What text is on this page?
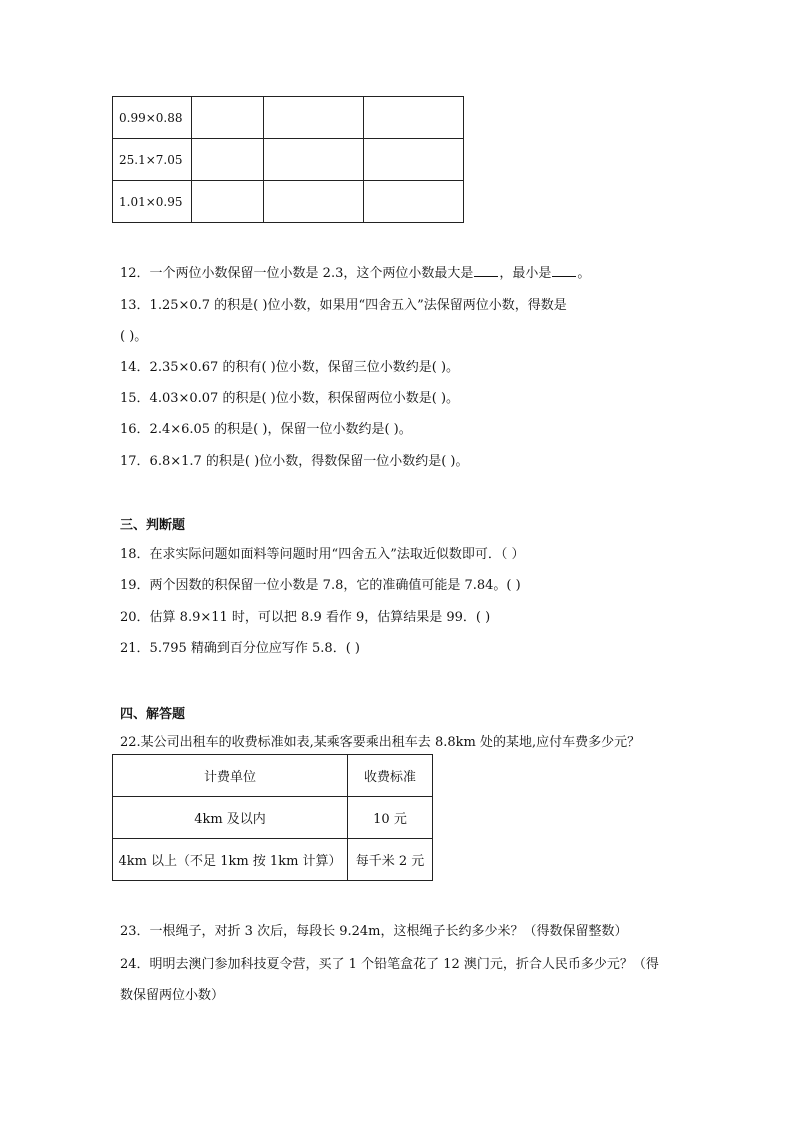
0.99×0.88			
25.1×7.05			
1.01×0.95			
12．一个两位小数保留一位小数是 2.3，这个两位小数最大是 ，最小是 。
13．1.25×0.7 的积是( )位小数，如果用“四舍五入”法保留两位小数，得数是
( )。
14．2.35×0.67 的积有( )位小数，保留三位小数约是( )。
15．4.03×0.07 的积是( )位小数，积保留两位小数是( )。
16．2.4×6.05 的积是( )，保留一位小数约是( )。
17．6.8×1.7 的积是( )位小数，得数保留一位小数约是( )。
三、判断题
18．在求实际问题如面料等问题时用“四舍五入”法取近似数即可．（ ）
19．两个因数的积保留一位小数是 7.8，它的准确值可能是 7.84。( )
20．估算 8.9×11 时，可以把 8.9 看作 9，估算结果是 99．( )
21．5.795 精确到百分位应写作 5.8．( )
四、解答题
22.某公司出租车的收费标准如表,某乘客要乘出租车去 8.8km 处的某地,应付车费多少元？
计费单位	收费标准
4km 及以内	10 元
4km 以上（不足 1km 按 1km 计算）	每千米 2 元
23．一根绳子，对折 3 次后，每段长 9.24m，这根绳子长约多少米？（得数保留整数）
24．明明去澳门参加科技夏令营，买了 1 个铅笔盒花了 12 澳门元，折合人民币多少元？（得
数保留两位小数）
